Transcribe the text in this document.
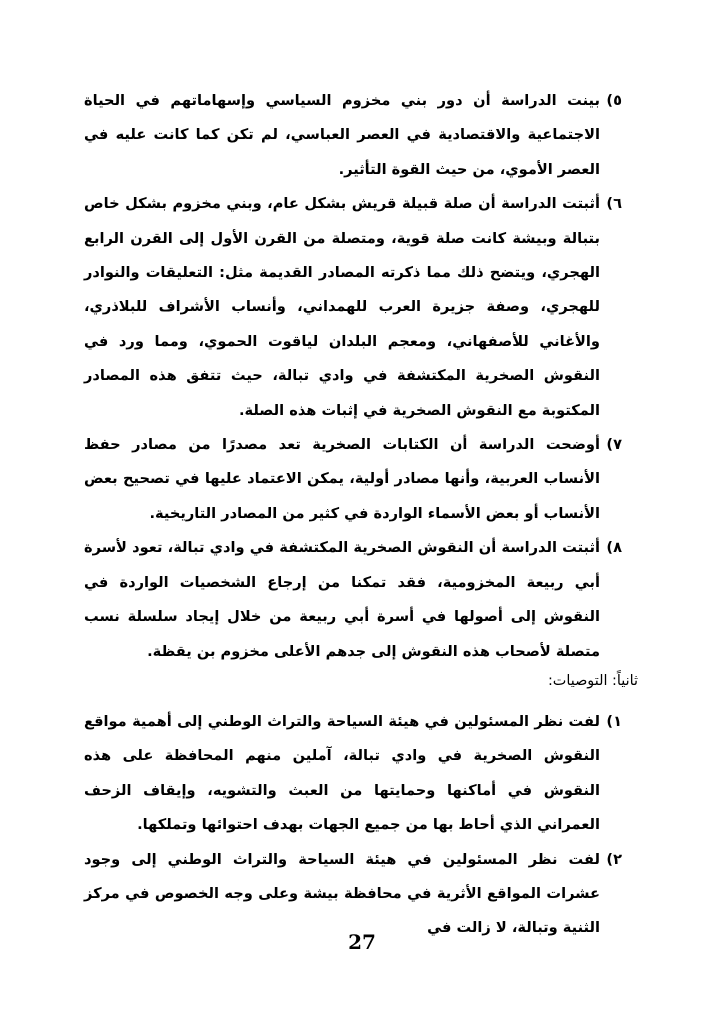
٥)
بينت الدراسة أن دور بني مخزوم السياسي وإسهاماتهم في الحياة الاجتماعية والاقتصادية في العصر العباسي، لم تكن كما كانت عليه في العصر الأموي، من حيث القوة التأثير.
٦)
أثبتت الدراسة أن صلة قبيلة قريش بشكل عام، وبني مخزوم بشكل خاص بتبالة وبيشة كانت صلة قوية، ومتصلة من القرن الأول إلى القرن الرابع الهجري، ويتضح ذلك مما ذكرته المصادر القديمة مثل: التعليقات والنوادر للهجري، وصفة جزيرة العرب للهمداني، وأنساب الأشراف للبلاذري، والأغاني للأصفهاني، ومعجم البلدان لياقوت الحموي، ومما ورد في النقوش الصخرية المكتشفة في وادي تبالة، حيث تتفق هذه المصادر المكتوبة مع النقوش الصخرية في إثبات هذه الصلة.
٧)
أوضحت الدراسة أن الكتابات الصخرية تعد مصدرًا من مصادر حفظ الأنساب العربية، وأنها مصادر أولية، يمكن الاعتماد عليها في تصحيح بعض الأنساب أو بعض الأسماء الواردة في كثير من المصادر التاريخية.
٨)
أثبتت الدراسة أن النقوش الصخرية المكتشفة في وادي تبالة، تعود لأسرة أبي ربيعة المخزومية، فقد تمكنا من إرجاع الشخصيات الواردة في النقوش إلى أصولها في أسرة أبي ربيعة من خلال إيجاد سلسلة نسب متصلة لأصحاب هذه النقوش إلى جدهم الأعلى مخزوم بن يقظة.
ثانياً: التوصيات:
١)
لفت نظر المسئولين في هيئة السياحة والتراث الوطني إلى أهمية مواقع النقوش الصخرية في وادي تبالة، آملين منهم المحافظة على هذه النقوش في أماكنها وحمايتها من العبث والتشويه، وإيقاف الزحف العمراني الذي أحاط بها من جميع الجهات بهدف احتوائها وتملكها.
٢)
لفت نظر المسئولين في هيئة السياحة والتراث الوطني إلى وجود عشرات المواقع الأثرية في محافظة بيشة وعلى وجه الخصوص في مركز الثنية وتبالة، لا زالت في
27
